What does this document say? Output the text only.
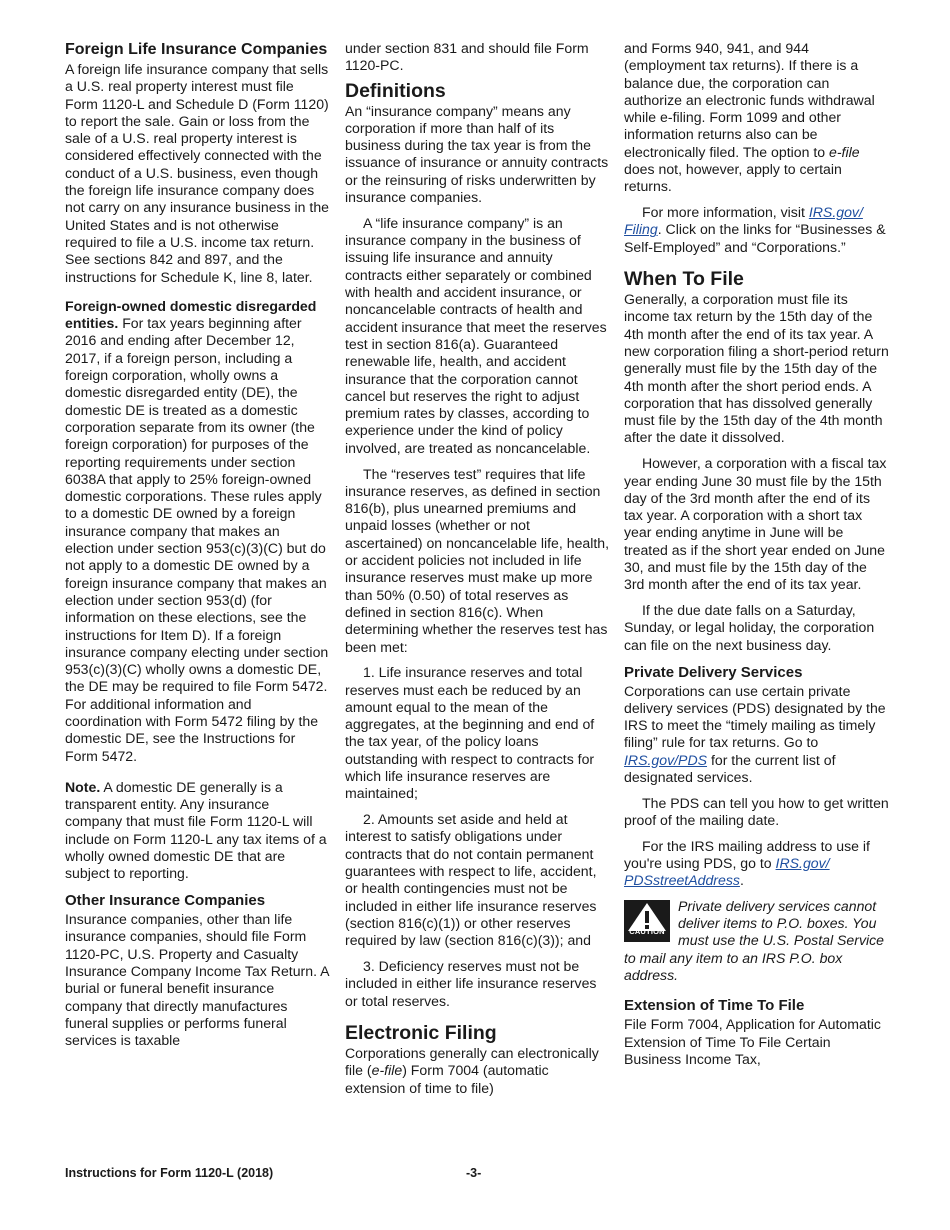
Foreign Life Insurance Companies

A foreign life insurance company that sells a U.S. real property interest must file Form 1120-L and Schedule D (Form 1120) to report the sale. Gain or loss from the sale of a U.S. real property interest is considered effectively connected with the conduct of a U.S. business, even though the foreign life insurance company does not carry on any insurance business in the United States and is not otherwise required to file a U.S. income tax return. See sections 842 and 897, and the instructions for Schedule K, line 8, later.

Foreign-owned domestic disregarded entities. For tax years beginning after 2016 and ending after December 12, 2017, if a foreign person, including a foreign corporation, wholly owns a domestic disregarded entity (DE), the domestic DE is treated as a domestic corporation separate from its owner (the foreign corporation) for purposes of the reporting requirements under section 6038A that apply to 25% foreign-owned domestic corporations. These rules apply to a domestic DE owned by a foreign insurance company that makes an election under section 953(c)(3)(C) but do not apply to a domestic DE owned by a foreign insurance company that makes an election under section 953(d) (for information on these elections, see the instructions for Item D). If a foreign insurance company electing under section 953(c)(3)(C) wholly owns a domestic DE, the DE may be required to file Form 5472. For additional information and coordination with Form 5472 filing by the domestic DE, see the Instructions for Form 5472.

Note. A domestic DE generally is a transparent entity. Any insurance company that must file Form 1120-L will include on Form 1120-L any tax items of a wholly owned domestic DE that are subject to reporting.

Other Insurance Companies

Insurance companies, other than life insurance companies, should file Form 1120-PC, U.S. Property and Casualty Insurance Company Income Tax Return. A burial or funeral benefit insurance company that directly manufactures funeral supplies or performs funeral services is taxable

under section 831 and should file Form 1120-PC.

Definitions

An “insurance company” means any corporation if more than half of its business during the tax year is from the issuance of insurance or annuity contracts or the reinsuring of risks underwritten by insurance companies.

A “life insurance company” is an insurance company in the business of issuing life insurance and annuity contracts either separately or combined with health and accident insurance, or noncancelable contracts of health and accident insurance that meet the reserves test in section 816(a). Guaranteed renewable life, health, and accident insurance that the corporation cannot cancel but reserves the right to adjust premium rates by classes, according to experience under the kind of policy involved, are treated as noncancelable.

The “reserves test” requires that life insurance reserves, as defined in section 816(b), plus unearned premiums and unpaid losses (whether or not ascertained) on noncancelable life, health, or accident policies not included in life insurance reserves must make up more than 50% (0.50) of total reserves as defined in section 816(c). When determining whether the reserves test has been met:

1. Life insurance reserves and total reserves must each be reduced by an amount equal to the mean of the aggregates, at the beginning and end of the tax year, of the policy loans outstanding with respect to contracts for which life insurance reserves are maintained;

2. Amounts set aside and held at interest to satisfy obligations under contracts that do not contain permanent guarantees with respect to life, accident, or health contingencies must not be included in either life insurance reserves (section 816(c)(1)) or other reserves required by law (section 816(c)(3)); and

3. Deficiency reserves must not be included in either life insurance reserves or total reserves.

Electronic Filing

Corporations generally can electronically file (e-file) Form 7004 (automatic extension of time to file)

and Forms 940, 941, and 944 (employment tax returns). If there is a balance due, the corporation can authorize an electronic funds withdrawal while e-filing. Form 1099 and other information returns also can be electronically filed. The option to e-file does not, however, apply to certain returns.

For more information, visit IRS.gov/ Filing. Click on the links for “Businesses & Self-Employed” and “Corporations.”

When To File

Generally, a corporation must file its income tax return by the 15th day of the 4th month after the end of its tax year. A new corporation filing a short-period return generally must file by the 15th day of the 4th month after the short period ends. A corporation that has dissolved generally must file by the 15th day of the 4th month after the date it dissolved.

However, a corporation with a fiscal tax year ending June 30 must file by the 15th day of the 3rd month after the end of its tax year. A corporation with a short tax year ending anytime in June will be treated as if the short year ended on June 30, and must file by the 15th day of the 3rd month after the end of its tax year.

If the due date falls on a Saturday, Sunday, or legal holiday, the corporation can file on the next business day.

Private Delivery Services

Corporations can use certain private delivery services (PDS) designated by the IRS to meet the “timely mailing as timely filing” rule for tax returns. Go to IRS.gov/PDS for the current list of designated services.

The PDS can tell you how to get written proof of the mailing date.

For the IRS mailing address to use if you're using PDS, go to IRS.gov/ PDSstreetAddress.

CAUTION
Private delivery services cannot deliver items to P.O. boxes. You must use the U.S. Postal Service to mail any item to an IRS P.O. box address.
Extension of Time To File

File Form 7004, Application for Automatic Extension of Time To File Certain Business Income Tax,

Instructions for Form 1120-L (2018)	-3-
